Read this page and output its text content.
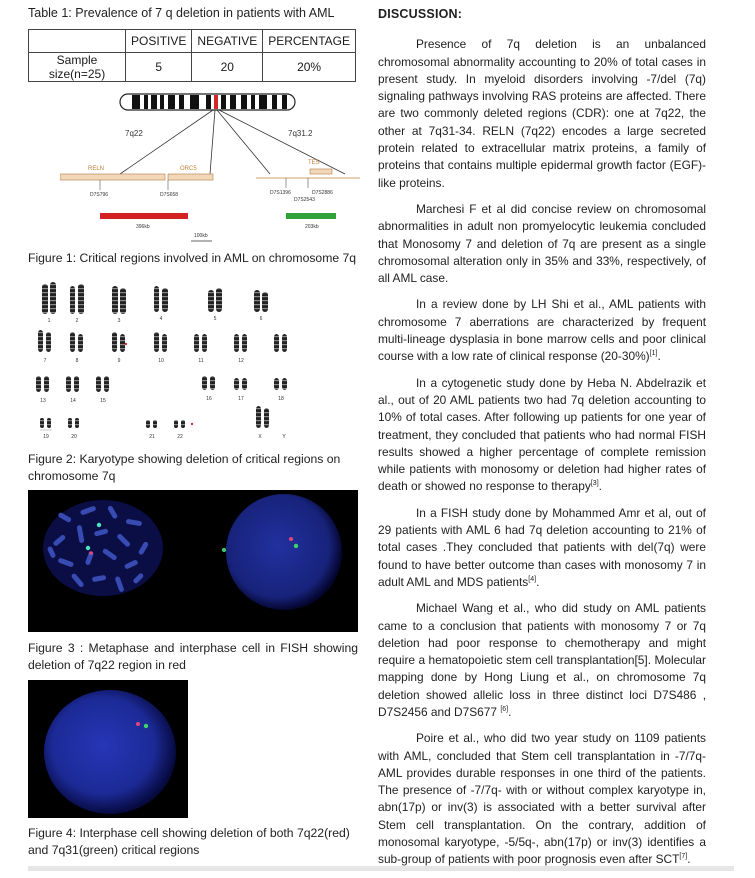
Table 1: Prevalence of 7 q deletion in patients with AML
	POSITIVE	NEGATIVE	PERCENTAGE
Sample size(n=25)	5	20	20%
7q22	7q31.2
RELN	ORC5
TES
D7S796	D7S658	D7S1396	D7S2886
D7S2543
396kb	203kb
100kb
Figure 1: Critical regions involved in AML on chromosome 7q
1	2	3	4	5	6
7	8	9	10	11	12
13	14	15	16	17	18
19	20	21	22	X	Y
Figure 2: Karyotype showing deletion of critical regions on chromosome 7q
Figure 3 : Metaphase and interphase cell in FISH showing deletion of 7q22 region in red
Figure 4: Interphase cell showing deletion of both 7q22(red) and 7q31(green) critical regions
DISCUSSION:

Presence of 7q deletion is an unbalanced chromosomal abnormality accounting to 20% of total cases in present study. In myeloid disorders involving -7/del (7q) signaling pathways involving RAS proteins are affected. There are two commonly deleted regions (CDR): one at 7q22, the other at 7q31-34. RELN (7q22) encodes a large secreted protein related to extracellular matrix proteins, a family of proteins that contains multiple epidermal growth factor (EGF)-like proteins.

Marchesi F et al did concise review on chromosomal abnormalities in adult non promyelocytic leukemia concluded that Monosomy 7 and deletion of 7q are present as a single chromosomal alteration only in 35% and 33%, respectively, of all AML case.

In a review done by LH Shi et al., AML patients with chromosome 7 aberrations are characterized by frequent multi-lineage dysplasia in bone marrow cells and poor clinical course with a low rate of clinical response (20-30%)[1].

In a cytogenetic study done by Heba N. Abdelrazik et al., out of 20 AML patients two had 7q deletion accounting to 10% of total cases. After following up patients for one year of treatment, they concluded that patients who had normal FISH results showed a higher percentage of complete remission while patients with monosomy or deletion had higher rates of death or showed no response to therapy[3].

In a FISH study done by Mohammed Amr et al, out of 29 patients with AML 6 had 7q deletion accounting to 21% of total cases .They concluded that patients with del(7q) were found to have better outcome than cases with monosomy 7 in adult AML and MDS patients[4].

Michael Wang et al., who did study on AML patients came to a conclusion that patients with monosomy 7 or 7q deletion had poor response to chemotherapy and might require a hematopoietic stem cell transplantation[5]. Molecular mapping done by Hong Liung et al., on chromosome 7q deletion showed allelic loss in three distinct loci D7S486 , D7S2456 and D7S677 [6].

Poire et al., who did two year study on 1109 patients with AML, concluded that Stem cell transplantation in -7/7q-AML provides durable responses in one third of the patients. The presence of -7/7q- with or without complex karyotype in, abn(17p) or inv(3) is associated with a better survival after Stem cell transplantation. On the contrary, addition of monosomal karyotype, -5/5q-, abn(17p) or inv(3) identifies a sub-group of patients with poor prognosis even after SCT[7].
